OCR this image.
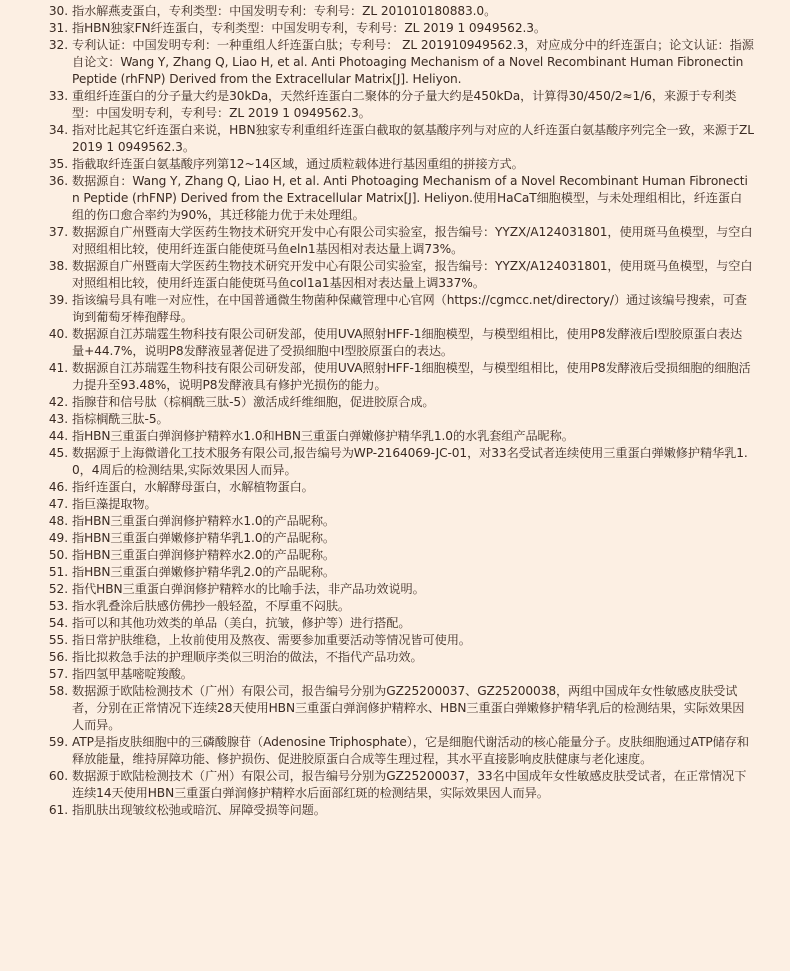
30. 指水解燕麦蛋白，专利类型：中国发明专利：专利号：ZL 201010180883.0。
31. 指HBN独家FN纤连蛋白，专利类型：中国发明专利，专利号：ZL 2019 1 0949562.3。
32. 专利认证：中国发明专利：一种重组人纤连蛋白肽；专利号： ZL 201910949562.3，对应成分中的纤连蛋白；论文认证：指源自论文：Wang Y, Zhang Q, Liao H, et al. Anti Photoaging Mechanism of a Novel Recombinant Human Fibronectin Peptide (rhFNP) Derived from the Extracellular Matrix[J]. Heliyon.
33. 重组纤连蛋白的分子量大约是30kDa，天然纤连蛋白二聚体的分子量大约是450kDa，计算得30/450/2≈1/6，来源于专利类型：中国发明专利，专利号：ZL 2019 1 0949562.3。
34. 指对比起其它纤连蛋白来说，HBN独家专利重组纤连蛋白截取的氨基酸序列与对应的人纤连蛋白氨基酸序列完全一致，来源于ZL 2019 1 0949562.3。
35. 指截取纤连蛋白氨基酸序列第12~14区域，通过质粒载体进行基因重组的拼接方式。
36. 数据源自：Wang Y, Zhang Q, Liao H, et al. Anti Photoaging Mechanism of a Novel Recombinant Human Fibronectin Peptide (rhFNP) Derived from the Extracellular Matrix[J]. Heliyon.使用HaCaT细胞模型，与未处理组相比，纤连蛋白组的伤口愈合率约为90%，其迁移能力优于未处理组。
37. 数据源自广州暨南大学医药生物技术研究开发中心有限公司实验室，报告编号：YYZX/A124031801，使用斑马鱼模型，与空白对照组相比较，使用纤连蛋白能使斑马鱼eln1基因相对表达量上调73%。
38. 数据源自广州暨南大学医药生物技术研究开发中心有限公司实验室，报告编号：YYZX/A124031801，使用斑马鱼模型，与空白对照组相比较，使用纤连蛋白能使斑马鱼col1a1基因相对表达量上调337%。
39. 指该编号具有唯一对应性，在中国普通微生物菌种保藏管理中心官网（https://cgmcc.net/directory/）通过该编号搜索，可查询到葡萄牙棒孢酵母。
40. 数据源自江苏瑞霆生物科技有限公司研发部，使用UVA照射HFF-1细胞模型，与模型组相比，使用P8发酵液后I型胶原蛋白表达量+44.7%，说明P8发酵液显著促进了受损细胞中I型胶原蛋白的表达。
41. 数据源自江苏瑞霆生物科技有限公司研发部，使用UVA照射HFF-1细胞模型，与模型组相比，使用P8发酵液后受损细胞的细胞活力提升至93.48%，说明P8发酵液具有修护光损伤的能力。
42. 指腺苷和信号肽（棕榈酰三肽-5）激活成纤维细胞，促进胶原合成。
43. 指棕榈酰三肽-5。
44. 指HBN三重蛋白弹润修护精粹水1.0和HBN三重蛋白弹嫩修护精华乳1.0的水乳套组产品昵称。
45. 数据源于上海微谱化工技术服务有限公司,报告编号为WP-2164069-JC-01，对33名受试者连续使用三重蛋白弹嫩修护精华乳1.0，4周后的检测结果,实际效果因人而异。
46. 指纤连蛋白，水解酵母蛋白，水解植物蛋白。
47. 指巨藻提取物。
48. 指HBN三重蛋白弹润修护精粹水1.0的产品昵称。
49. 指HBN三重蛋白弹嫩修护精华乳1.0的产品昵称。
50. 指HBN三重蛋白弹润修护精粹水2.0的产品昵称。
51. 指HBN三重蛋白弹嫩修护精华乳2.0的产品昵称。
52. 指代HBN三重蛋白弹润修护精粹水的比喻手法，非产品功效说明。
53. 指水乳叠涂后肤感仿佛抄一般轻盈，不厚重不闷肤。
54. 指可以和其他功效类的单品（美白，抗皱，修护等）进行搭配。
55. 指日常护肤维稳，上妆前使用及熬夜、需要参加重要活动等情况皆可使用。
56. 指比拟救急手法的护理顺序类似三明治的做法，不指代产品功效。
57. 指四氢甲基嘧啶羧酸。
58. 数据源于欧陆检测技术（广州）有限公司，报告编号分别为GZ25200037、GZ25200038，两组中国成年女性敏感皮肤受试者，分别在正常情况下连续28天使用HBN三重蛋白弹润修护精粹水、HBN三重蛋白弹嫩修护精华乳后的检测结果，实际效果因人而异。
59. ATP是指皮肤细胞中的三磷酸腺苷（Adenosine Triphosphate），它是细胞代谢活动的核心能量分子。皮肤细胞通过ATP储存和释放能量，维持屏障功能、修护损伤、促进胶原蛋白合成等生理过程，其水平直接影响皮肤健康与老化速度。
60. 数据源于欧陆检测技术（广州）有限公司，报告编号分别为GZ25200037，33名中国成年女性敏感皮肤受试者，在正常情况下连续14天使用HBN三重蛋白弹润修护精粹水后面部红斑的检测结果，实际效果因人而异。
61. 指肌肤出现皱纹松弛或暗沉、屏障受损等问题。
